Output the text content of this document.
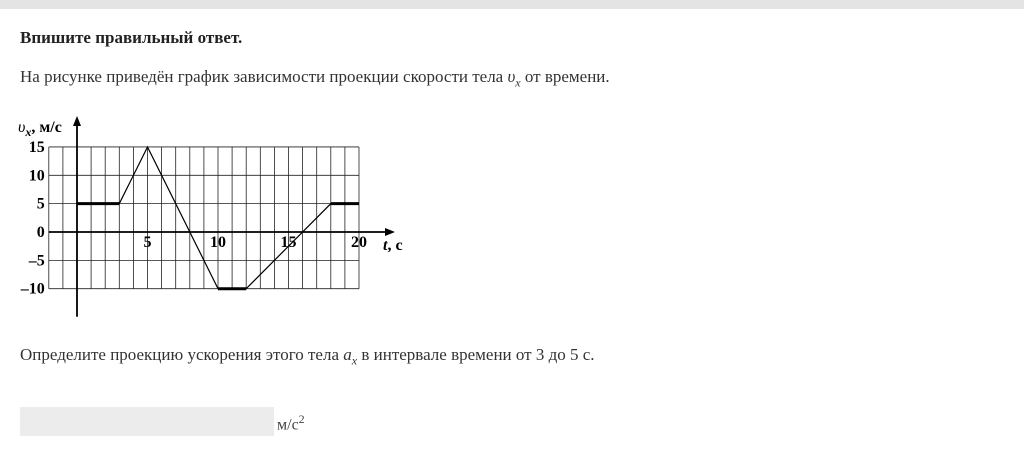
Впишите правильный ответ.
На рисунке приведён график зависимости проекции скорости тела $\upsilon_x$ от времени.
15
10
5
0
–5
–10
5	10	15	20 t, с
$\upsilon_x$, м/с
Определите проекцию ускорения этого тела $a_x$ в интервале времени от 3 до 5 с.
$м/с^2$
